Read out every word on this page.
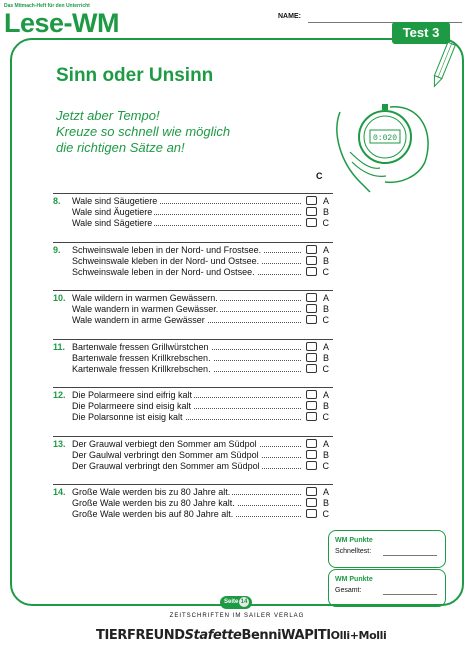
Das Mitmach-Heft für den Unterricht
Lese-WM	NAME:
Test 3
Sinn oder Unsinn
Jetzt aber Tempo!
Kreuze so schnell wie möglich
die richtigen Sätze an!
0:020
C
8.	Wale sind Säugetiere	A
Wale sind Äugetiere	B
Wale sind Sägetiere	C
9.	Schweinswale leben in der Nord- und Frostsee.	A
Schweinswale kleben in der Nord- und Ostsee.	B
Schweinswale leben in der Nord- und Ostsee.	C
10. Wale wildern in warmen Gewässern.	A
Wale wandern in warmen Gewässer.	B
Wale wandern in arme Gewässer	C
11. Bartenwale fressen Grillwürstchen	A
Bartenwale fressen Krillkrebschen.	B
Kartenwale fressen Krillkrebschen.	C
12. Die Polarmeere sind eifrig kalt	A
Die Polarmeere sind eisig kalt	B
Die Polarsonne ist eisig kalt	C
13. Der Grauwal verbiegt den Sommer am Südpol	A
Der Gaulwal verbringt den Sommer am Südpol	B
Der Grauwal verbringt den Sommer am Südpol	C
14. Große Wale werden bis zu 80 Jahre alt.	A
Große Wale werden bis zu 80 Jahre kalt.	B
Große Wale werden bis auf 80 Jahre alt.	C
WM Punkte
Schnelltest:
WM Punkte
Gesamt:
Seite 14
ZEITSCHRIFTEN IM SAILER VERLAG
TIERFREUND Stafette Benni WAPITI Olli+Molli
